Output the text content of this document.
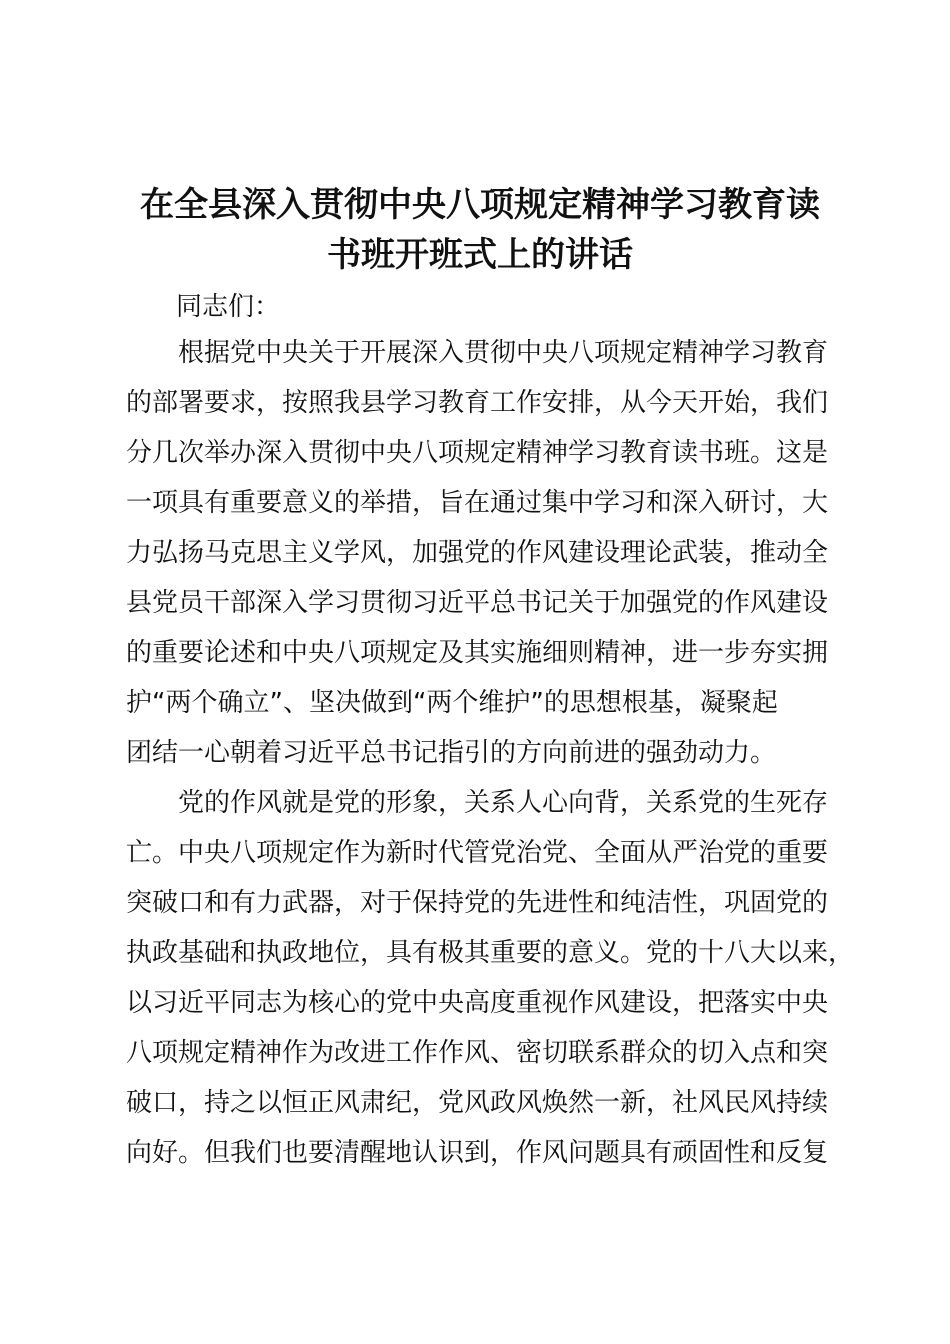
在全县深入贯彻中央八项规定精神学习教育读
书班开班式上的讲话

同志们：

　　根据党中央关于开展深入贯彻中央八项规定精神学习教育
的部署要求，按照我县学习教育工作安排，从今天开始，我们
分几次举办深入贯彻中央八项规定精神学习教育读书班。这是
一项具有重要意义的举措，旨在通过集中学习和深入研讨，大
力弘扬马克思主义学风，加强党的作风建设理论武装，推动全
县党员干部深入学习贯彻习近平总书记关于加强党的作风建设
的重要论述和中央八项规定及其实施细则精神，进一步夯实拥
护“两个确立”、坚决做到“两个维护”的思想根基，凝聚起
团结一心朝着习近平总书记指引的方向前进的强劲动力。
　　党的作风就是党的形象，关系人心向背，关系党的生死存
亡。中央八项规定作为新时代管党治党、全面从严治党的重要
突破口和有力武器，对于保持党的先进性和纯洁性，巩固党的
执政基础和执政地位，具有极其重要的意义。党的十八大以来，
以习近平同志为核心的党中央高度重视作风建设，把落实中央
八项规定精神作为改进工作作风、密切联系群众的切入点和突
破口，持之以恒正风肃纪，党风政风焕然一新，社风民风持续
向好。但我们也要清醒地认识到，作风问题具有顽固性和反复
